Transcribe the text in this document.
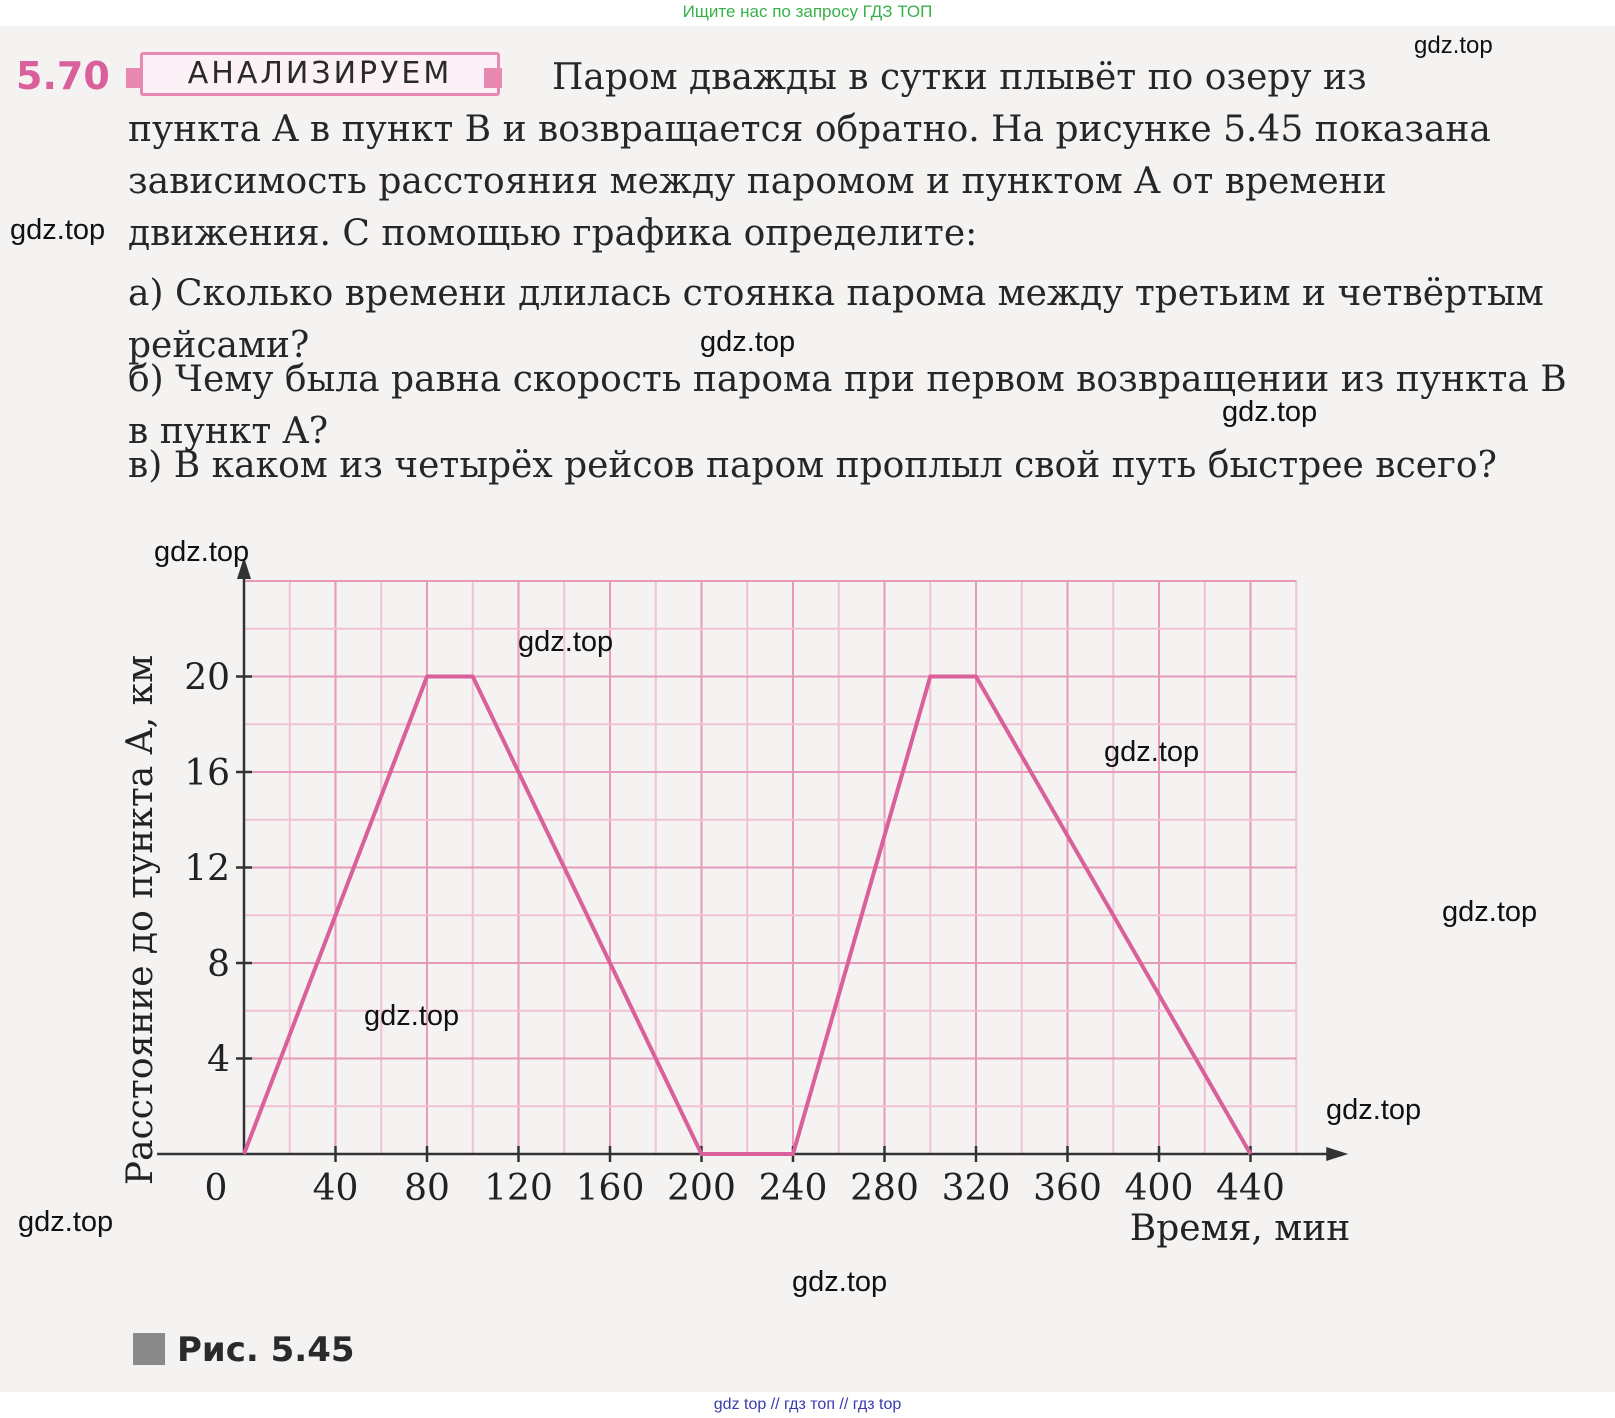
Ищите нас по запросу ГДЗ ТОП
5.70	АНАЛИЗИРУЕМ	Паром дважды в сутки плывёт по озеру из
пункта A в пункт B и возвращается обратно. На рисунке 5.45 показана зависимость расстояния между паромом и пунктом A от времени движения. С помощью графика определите:
а) Сколько времени длилась стоянка парома между третьим и четвёртым рейсами?
б) Чему была равна скорость парома при первом возвращении из пункта B в пункт A?
в) В каком из четырёх рейсов паром проплыл свой путь быстрее всего?
40 80 120 160 200 240 280 320 360 400 440
0
4
8
12
16
20
Время, мин
Расстояние до пункта A, км
Рис. 5.45
gdz top // гдз топ // гдз top
gdz.top
gdz.top
gdz.top
gdz.top
gdz.top
gdz.top
gdz.top
gdz.top
gdz.top
gdz.top
gdz.top
gdz.top
